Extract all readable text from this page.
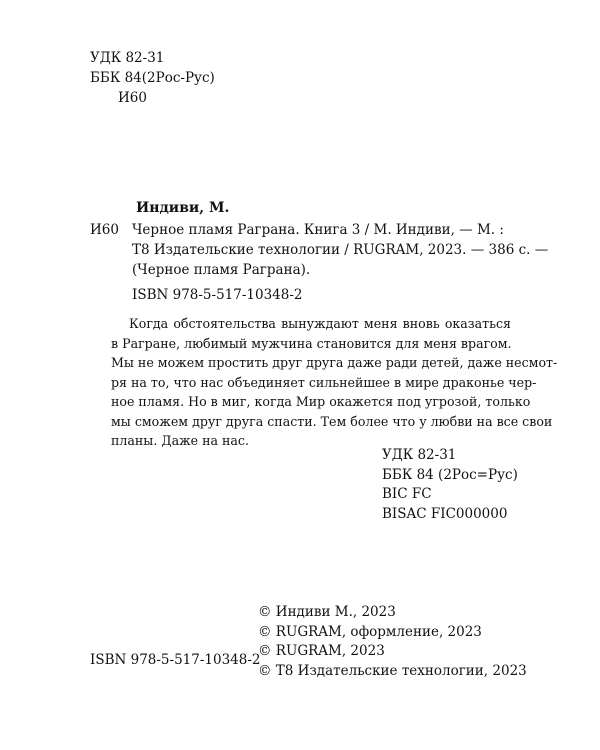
УДК 82-31
ББК 84(2Рос-Рус)
И60
Индиви, М.
И60 Черное пламя Рагрaна. Книга 3 / М. Индиви, — М. :
Т8 Издательские технологии / RUGRAM, 2023. — 386 с. —
(Черное пламя Раграна).
ISBN 978-5-517-10348-2
Когда обстоятельства вынуждают меня вновь оказаться
в Рагране, любимый мужчина становится для меня врагом.
Мы не можем простить друг друга даже ради детей, даже несмот-
ря на то, что нас объединяет сильнейшее в мире драконье чер-
ное пламя. Но в миг, когда Мир окажется под угрозой, только
мы сможем друг друга спасти. Тем более что у любви на все свои
планы. Даже на нас.
УДК 82-31
ББК 84 (2Рос=Рус)
BIC FC
BISAC FIC000000
© Индиви М., 2023
© RUGRAM, оформление, 2023
© RUGRAM, 2023
© Т8 Издательские технологии, 2023
ISBN 978-5-517-10348-2
